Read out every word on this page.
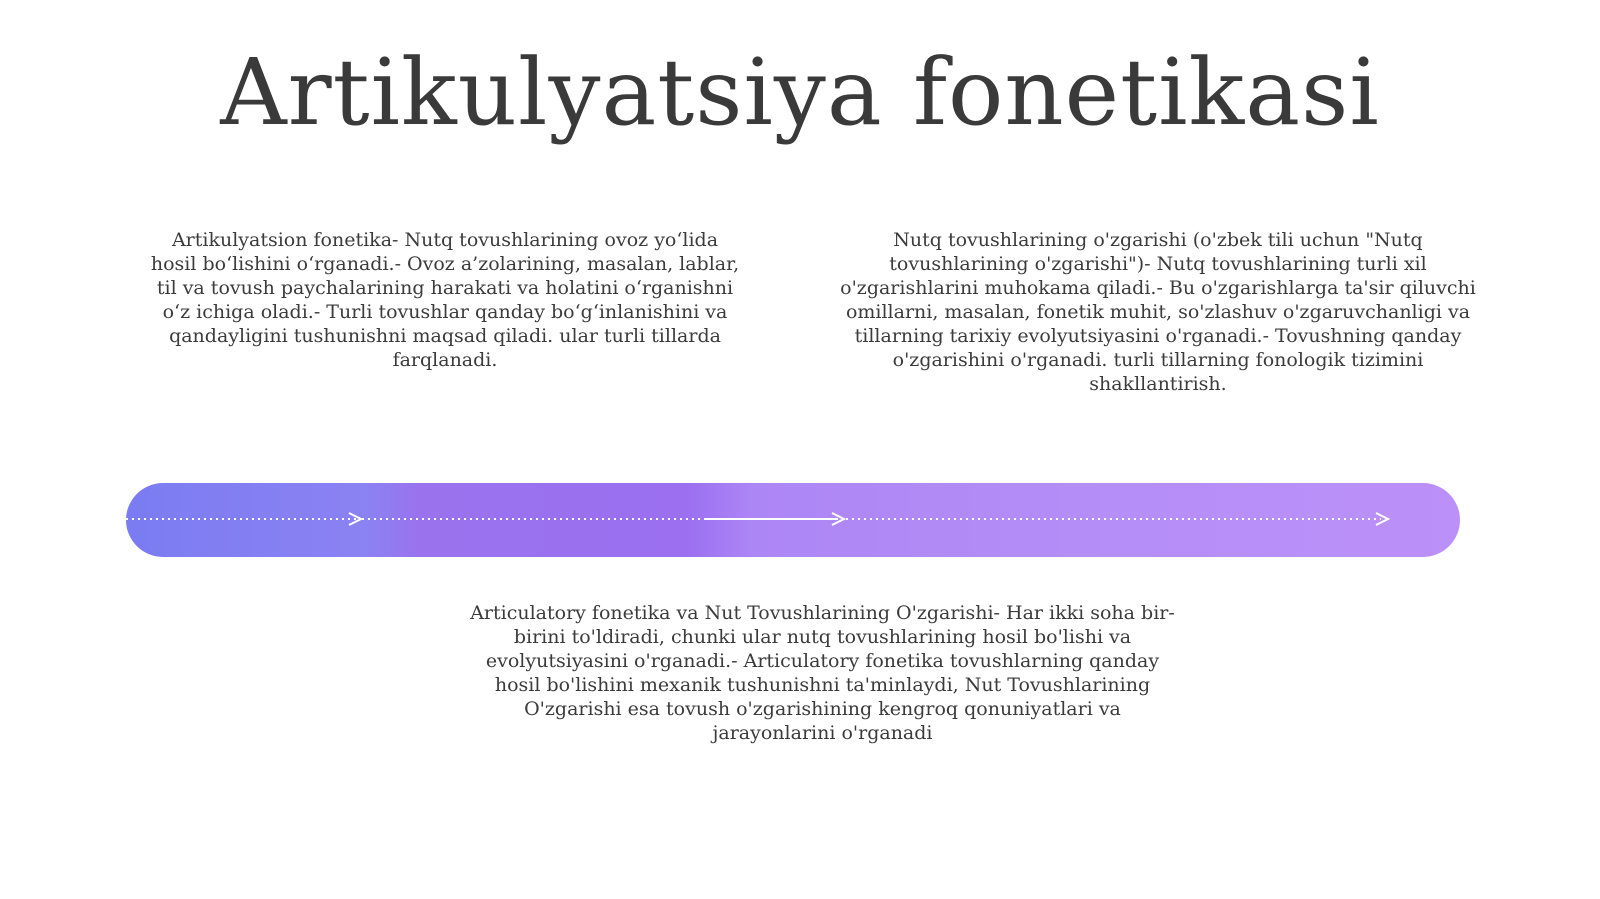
Artikulyatsiya fonetikasi
Artikulyatsion fonetika- Nutq tovushlarining ovoz yo‘lida hosil bo‘lishini o‘rganadi.- Ovoz a’zolarining, masalan, lablar, til va tovush paychalarining harakati va holatini o‘rganishni o‘z ichiga oladi.- Turli tovushlar qanday bo‘g‘inlanishini va qandayligini tushunishni maqsad qiladi. ular turli tillarda farqlanadi.
Nutq tovushlarining o'zgarishi (o'zbek tili uchun "Nutq tovushlarining o'zgarishi")- Nutq tovushlarining turli xil o'zgarishlarini muhokama qiladi.- Bu o'zgarishlarga ta'sir qiluvchi omillarni, masalan, fonetik muhit, so'zlashuv o'zgaruvchanligi va tillarning tarixiy evolyutsiyasini o'rganadi.- Tovushning qanday o'zgarishini o'rganadi. turli tillarning fonologik tizimini shakllantirish.
Articulatory fonetika va Nut Tovushlarining O'zgarishi- Har ikki soha bir-birini to'ldiradi, chunki ular nutq tovushlarining hosil bo'lishi va evolyutsiyasini o'rganadi.- Articulatory fonetika tovushlarning qanday hosil bo'lishini mexanik tushunishni ta'minlaydi, Nut Tovushlarining O'zgarishi esa tovush o'zgarishining kengroq qonuniyatlari va jarayonlarini o'rganadi
